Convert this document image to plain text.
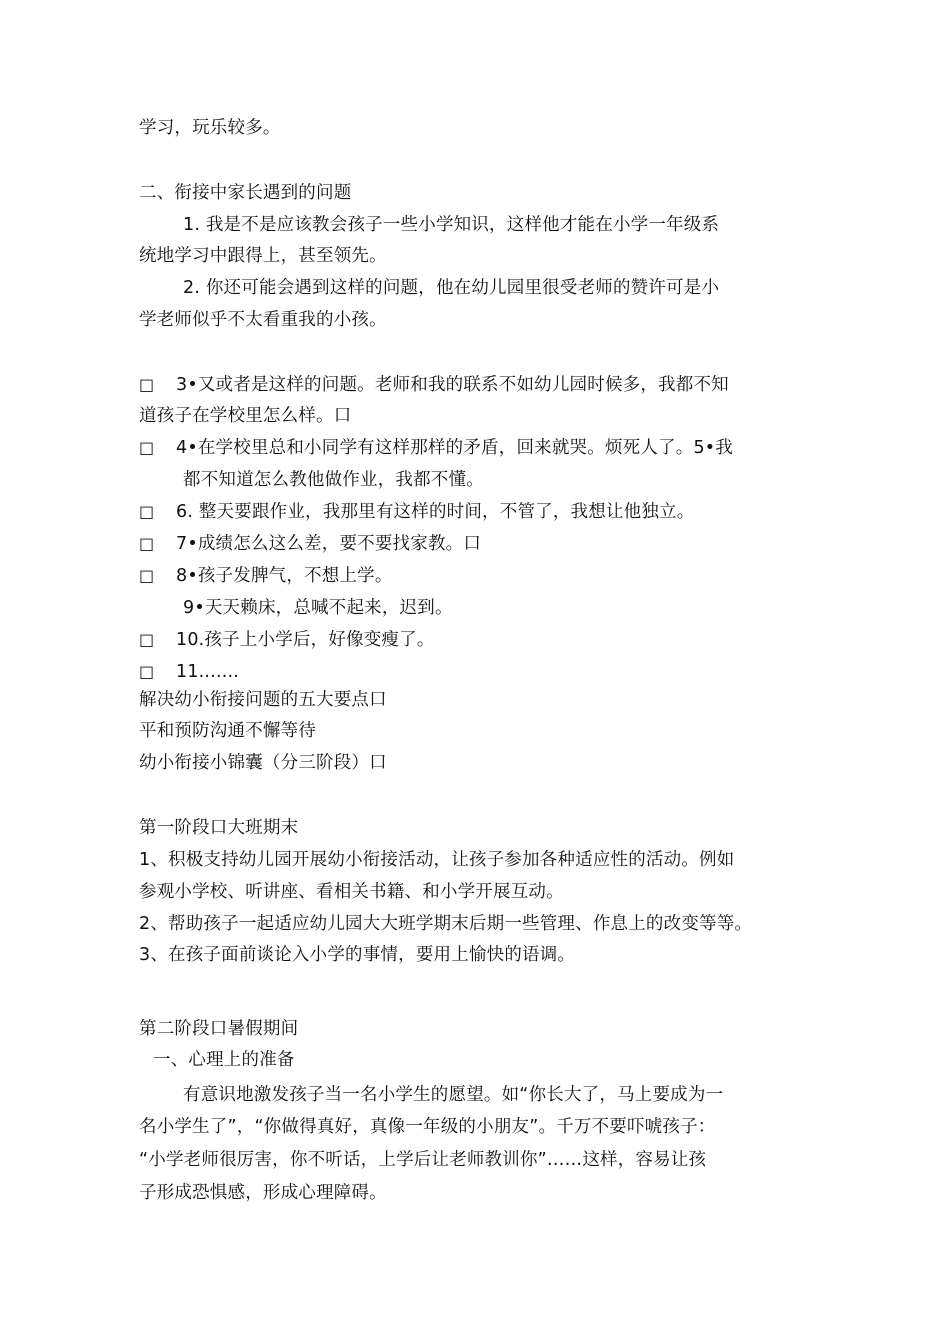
学习，玩乐较多。
二、衔接中家长遇到的问题
1. 我是不是应该教会孩子一些小学知识，这样他才能在小学一年级系
统地学习中跟得上，甚至领先。
2. 你还可能会遇到这样的问题，他在幼儿园里很受老师的赞许可是小
学老师似乎不太看重我的小孩。
□ 3•又或者是这样的问题。老师和我的联系不如幼儿园时候多，我都不知
道孩子在学校里怎么样。口
□ 4•在学校里总和小同学有这样那样的矛盾，回来就哭。烦死人了。5•我
都不知道怎么教他做作业，我都不懂。
□ 6. 整天要跟作业，我那里有这样的时间，不管了，我想让他独立。
□ 7•成绩怎么这么差，要不要找家教。口
□ 8•孩子发脾气，不想上学。
9•天天赖床，总喊不起来，迟到。
□ 10.孩子上小学后，好像变瘦了。
□ 11.......
解决幼小衔接问题的五大要点口
平和预防沟通不懈等待
幼小衔接小锦囊（分三阶段）口
第一阶段口大班期末
1、积极支持幼儿园开展幼小衔接活动，让孩子参加各种适应性的活动。例如
参观小学校、听讲座、看相关书籍、和小学开展互动。
2、帮助孩子一起适应幼儿园大大班学期末后期一些管理、作息上的改变等等。
3、在孩子面前谈论入小学的事情，要用上愉快的语调。
第二阶段口暑假期间
一、心理上的准备
有意识地激发孩子当一名小学生的愿望。如“你长大了，马上要成为一
名小学生了”，“你做得真好，真像一年级的小朋友”。千万不要吓唬孩子：
“小学老师很厉害，你不听话，上学后让老师教训你”……这样，容易让孩
子形成恐惧感，形成心理障碍。
